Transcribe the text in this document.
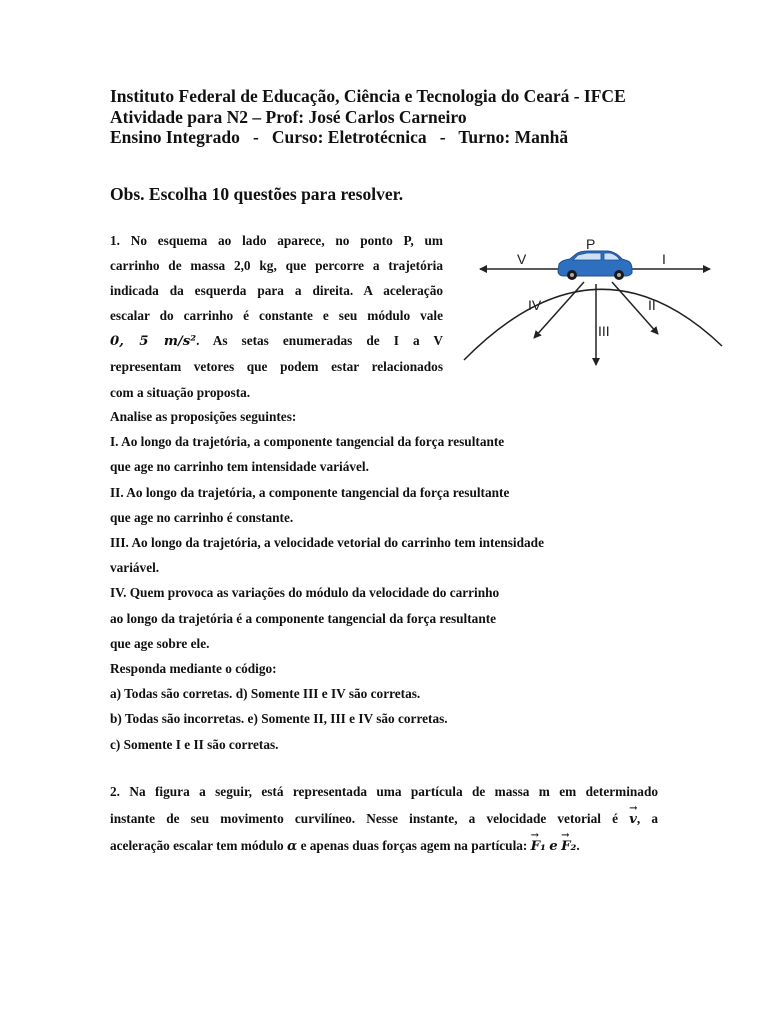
Instituto Federal de Educação, Ciência e Tecnologia do Ceará - IFCE
Atividade para N2 – Prof: José Carlos Carneiro
Ensino Integrado   -   Curso: Eletrotécnica   -   Turno: Manhã
Obs. Escolha 10 questões para resolver.
1. No esquema ao lado aparece, no ponto P, um
carrinho de massa 2,0 kg, que percorre a trajetória
indicada da esquerda para a direita. A aceleração
escalar do carrinho é constante e seu módulo vale
0, 5 m/s². As setas enumeradas de I a V
representam vetores que podem estar relacionados
com a situação proposta.
P
V	I
IV	II
III
Analise as proposições seguintes:
I. Ao longo da trajetória, a componente tangencial da força resultante
que age no carrinho tem intensidade variável.
II. Ao longo da trajetória, a componente tangencial da força resultante
que age no carrinho é constante.
III. Ao longo da trajetória, a velocidade vetorial do carrinho tem intensidade
variável.
IV. Quem provoca as variações do módulo da velocidade do carrinho
ao longo da trajetória é a componente tangencial da força resultante
que age sobre ele.
Responda mediante o código:
a) Todas são corretas. d) Somente III e IV são corretas.
b) Todas são incorretas. e) Somente II, III e IV são corretas.
c) Somente I e II são corretas.
2. Na figura a seguir, está representada uma partícula de massa m em determinado
instante de seu movimento curvilíneo. Nesse instante, a velocidade vetorial é → v, a
aceleração escalar tem módulo α e apenas duas forças agem na partícula: → F₁ e → F₂.
